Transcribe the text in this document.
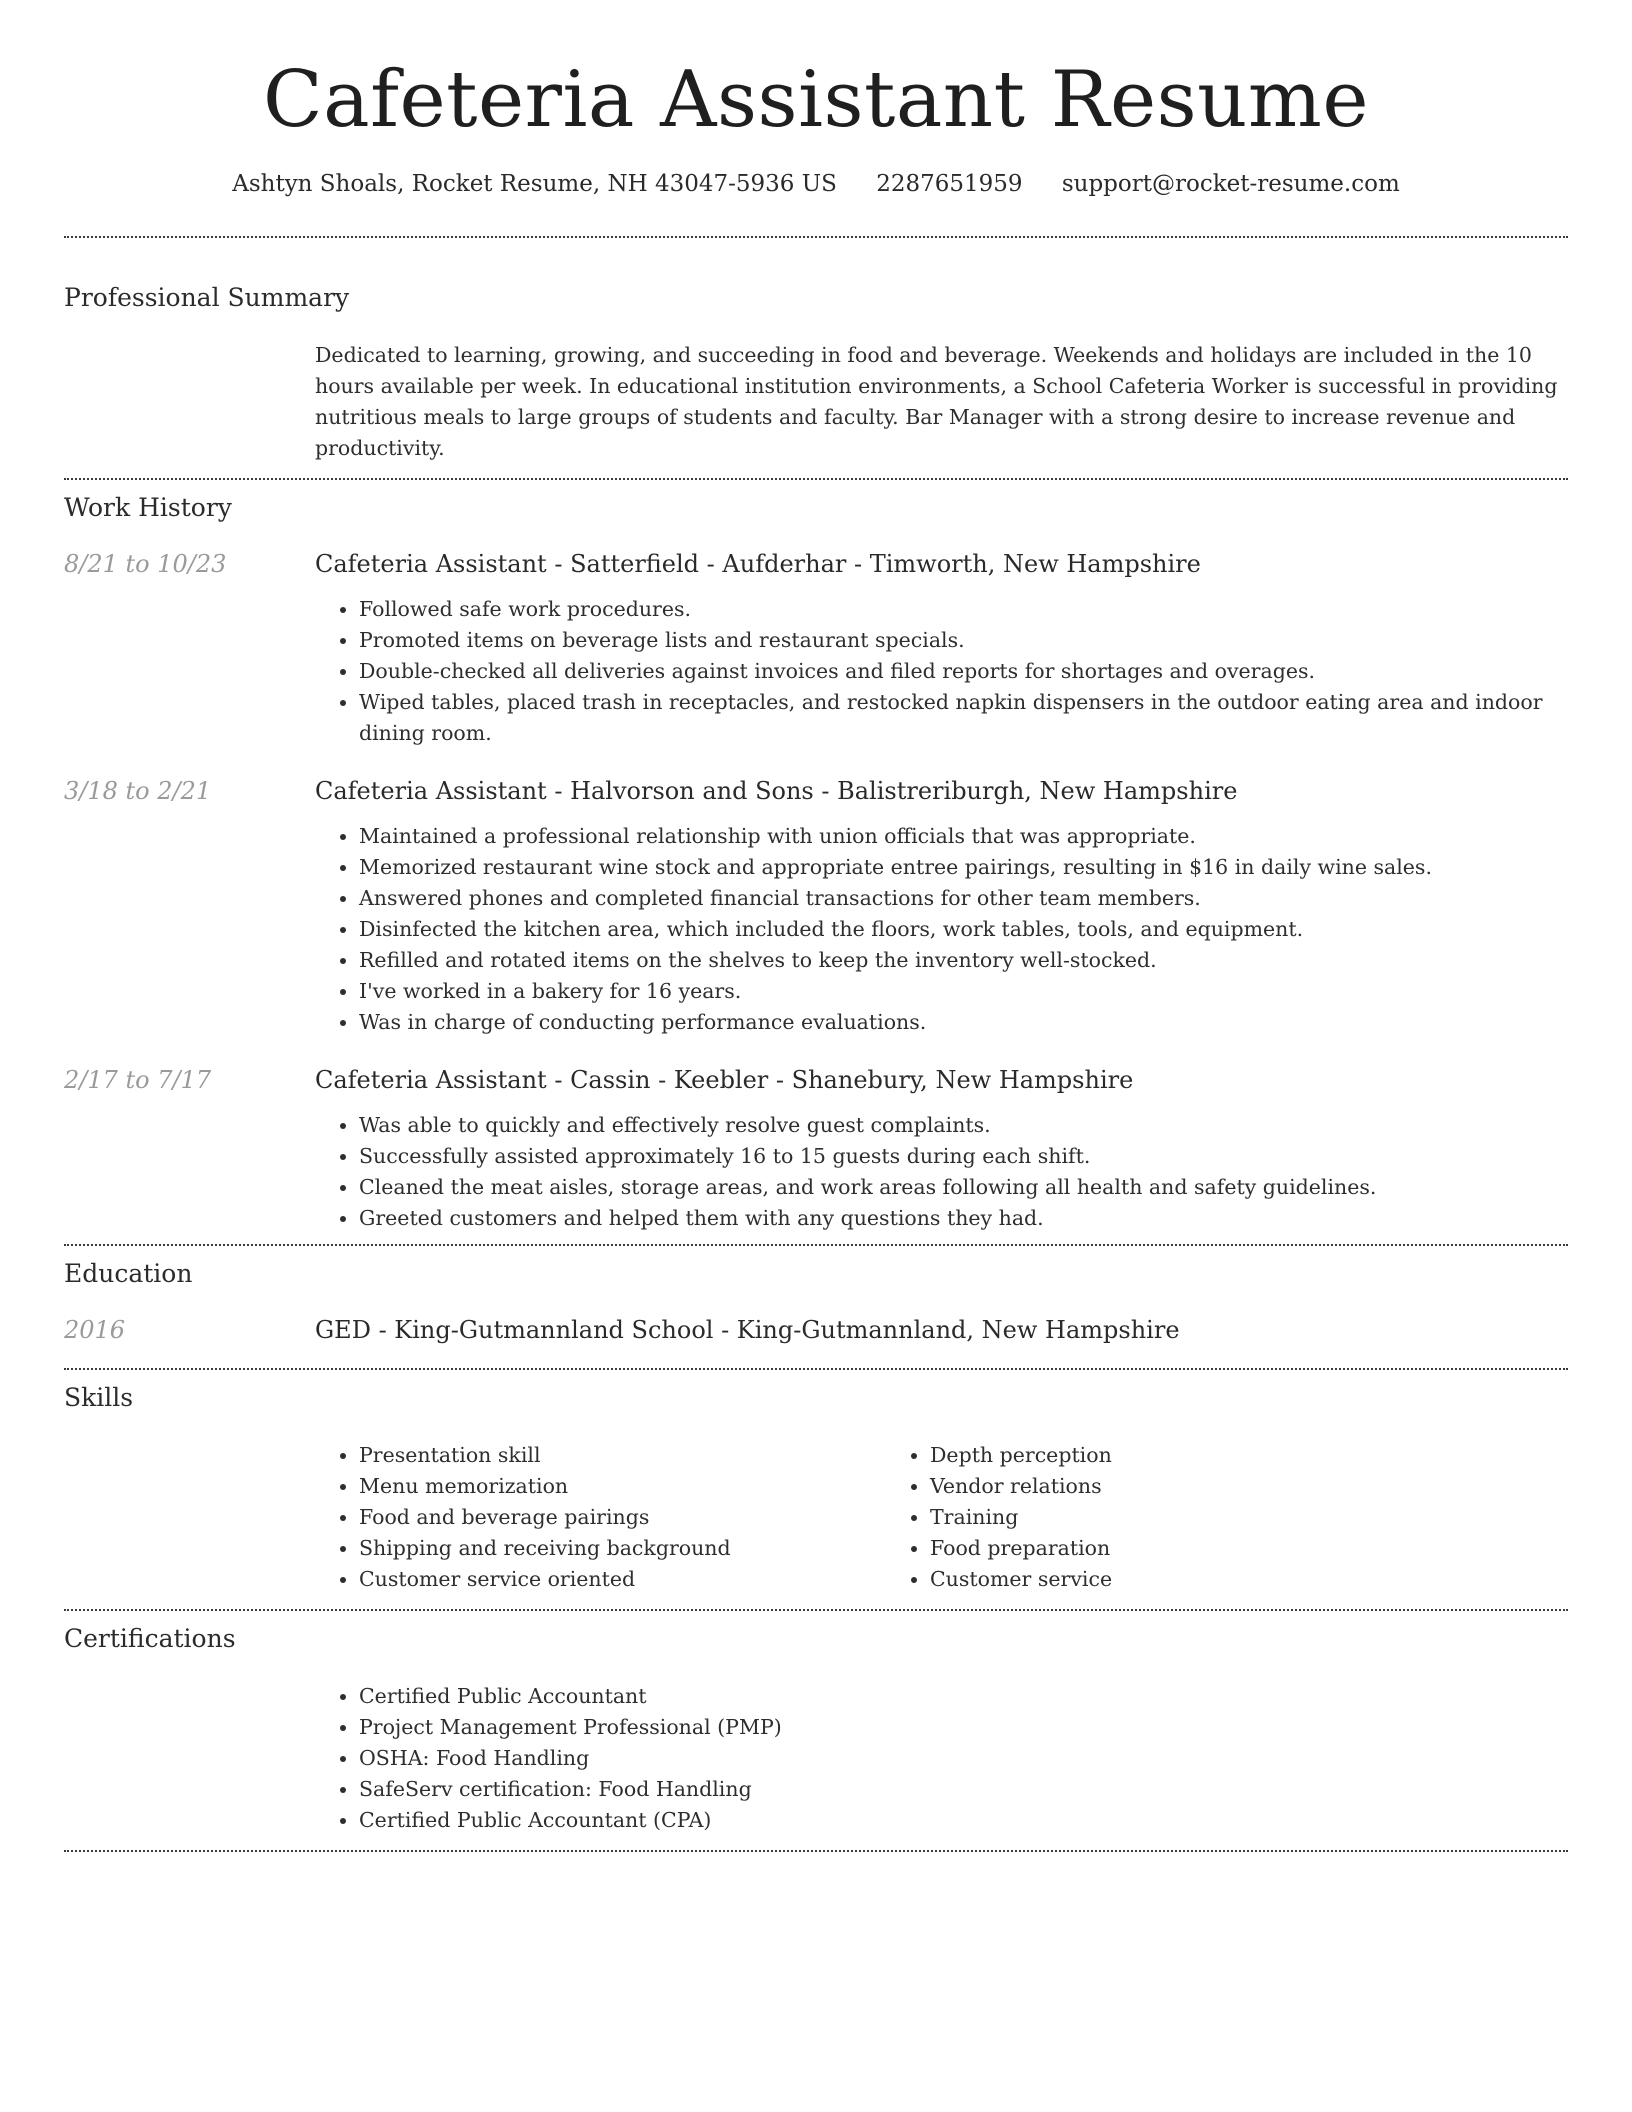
Cafeteria Assistant Resume
Ashtyn Shoals, Rocket Resume, NH 43047-5936 US 2287651959 support@rocket-resume.com
Professional Summary

Dedicated to learning, growing, and succeeding in food and beverage. Weekends and holidays are included in the 10 hours available per week. In educational institution environments, a School Cafeteria Worker is successful in providing nutritious meals to large groups of students and faculty. Bar Manager with a strong desire to increase revenue and productivity.

Work History
8/21 to 10/23	Cafeteria Assistant - Satterfield - Aufderhar - Timworth, New Hampshire
• Followed safe work procedures.
• Promoted items on beverage lists and restaurant specials.
• Double-checked all deliveries against invoices and filed reports for shortages and overages.
• Wiped tables, placed trash in receptacles, and restocked napkin dispensers in the outdoor eating area and indoor dining room.
3/18 to 2/21	Cafeteria Assistant - Halvorson and Sons - Balistreriburgh, New Hampshire
• Maintained a professional relationship with union officials that was appropriate.
• Memorized restaurant wine stock and appropriate entree pairings, resulting in $16 in daily wine sales.
• Answered phones and completed financial transactions for other team members.
• Disinfected the kitchen area, which included the floors, work tables, tools, and equipment.
• Refilled and rotated items on the shelves to keep the inventory well-stocked.
• I've worked in a bakery for 16 years.
• Was in charge of conducting performance evaluations.
2/17 to 7/17	Cafeteria Assistant - Cassin - Keebler - Shanebury, New Hampshire
• Was able to quickly and effectively resolve guest complaints.
• Successfully assisted approximately 16 to 15 guests during each shift.
• Cleaned the meat aisles, storage areas, and work areas following all health and safety guidelines.
• Greeted customers and helped them with any questions they had.
Education
2016	GED - King-Gutmannland School - King-Gutmannland, New Hampshire
Skills
• Presentation skill
• Menu memorization
• Food and beverage pairings
• Shipping and receiving background
• Customer service oriented
• Depth perception
• Vendor relations
• Training
• Food preparation
• Customer service
Certifications
• Certified Public Accountant
• Project Management Professional (PMP)
• OSHA: Food Handling
• SafeServ certification: Food Handling
• Certified Public Accountant (CPA)
